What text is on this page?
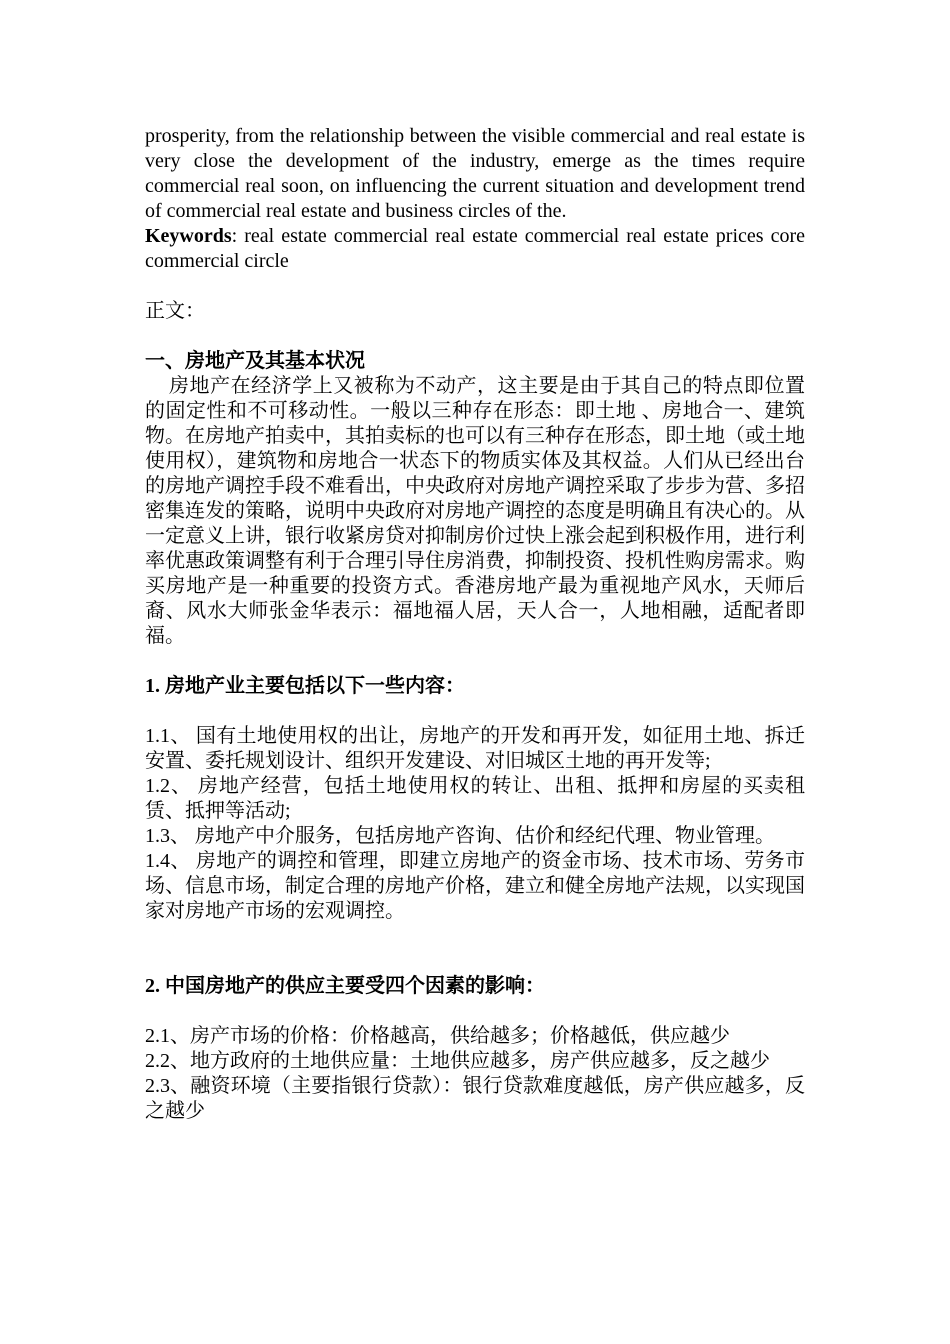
prosperity, from the relationship between the visible commercial and real estate is very close the development of the industry, emerge as the times require commercial real soon, on influencing the current situation and development trend of commercial real estate and business circles of the.

Keywords: real estate commercial real estate commercial real estate prices core commercial circle

正文：

一、房地产及其基本状况

房地产在经济学上又被称为不动产，这主要是由于其自己的特点即位置的固定性和不可移动性。一般以三种存在形态：即土地 、房地合一、建筑物。在房地产拍卖中，其拍卖标的也可以有三种存在形态，即土地（或土地使用权），建筑物和房地合一状态下的物质实体及其权益。人们从已经出台的房地产调控手段不难看出，中央政府对房地产调控采取了步步为营、多招密集连发的策略，说明中央政府对房地产调控的态度是明确且有决心的。从一定意义上讲，银行收紧房贷对抑制房价过快上涨会起到积极作用，进行利率优惠政策调整有利于合理引导住房消费，抑制投资、投机性购房需求。购买房地产是一种重要的投资方式。香港房地产最为重视地产风水，天师后裔、风水大师张金华表示：福地福人居，天人合一，人地相融，适配者即福。

1. 房地产业主要包括以下一些内容：

1.1、 国有土地使用权的出让，房地产的开发和再开发，如征用土地、拆迁安置、委托规划设计、组织开发建设、对旧城区土地的再开发等;

1.2、 房地产经营，包括土地使用权的转让、出租、抵押和房屋的买卖租赁、抵押等活动;

1.3、 房地产中介服务，包括房地产咨询、估价和经纪代理、物业管理。

1.4、 房地产的调控和管理，即建立房地产的资金市场、技术市场、劳务市场、信息市场，制定合理的房地产价格，建立和健全房地产法规，以实现国家对房地产市场的宏观调控。

2. 中国房地产的供应主要受四个因素的影响：

2.1、房产市场的价格：价格越高，供给越多；价格越低，供应越少

2.2、地方政府的土地供应量：土地供应越多，房产供应越多，反之越少

2.3、融资环境（主要指银行贷款）：银行贷款难度越低，房产供应越多，反之越少
